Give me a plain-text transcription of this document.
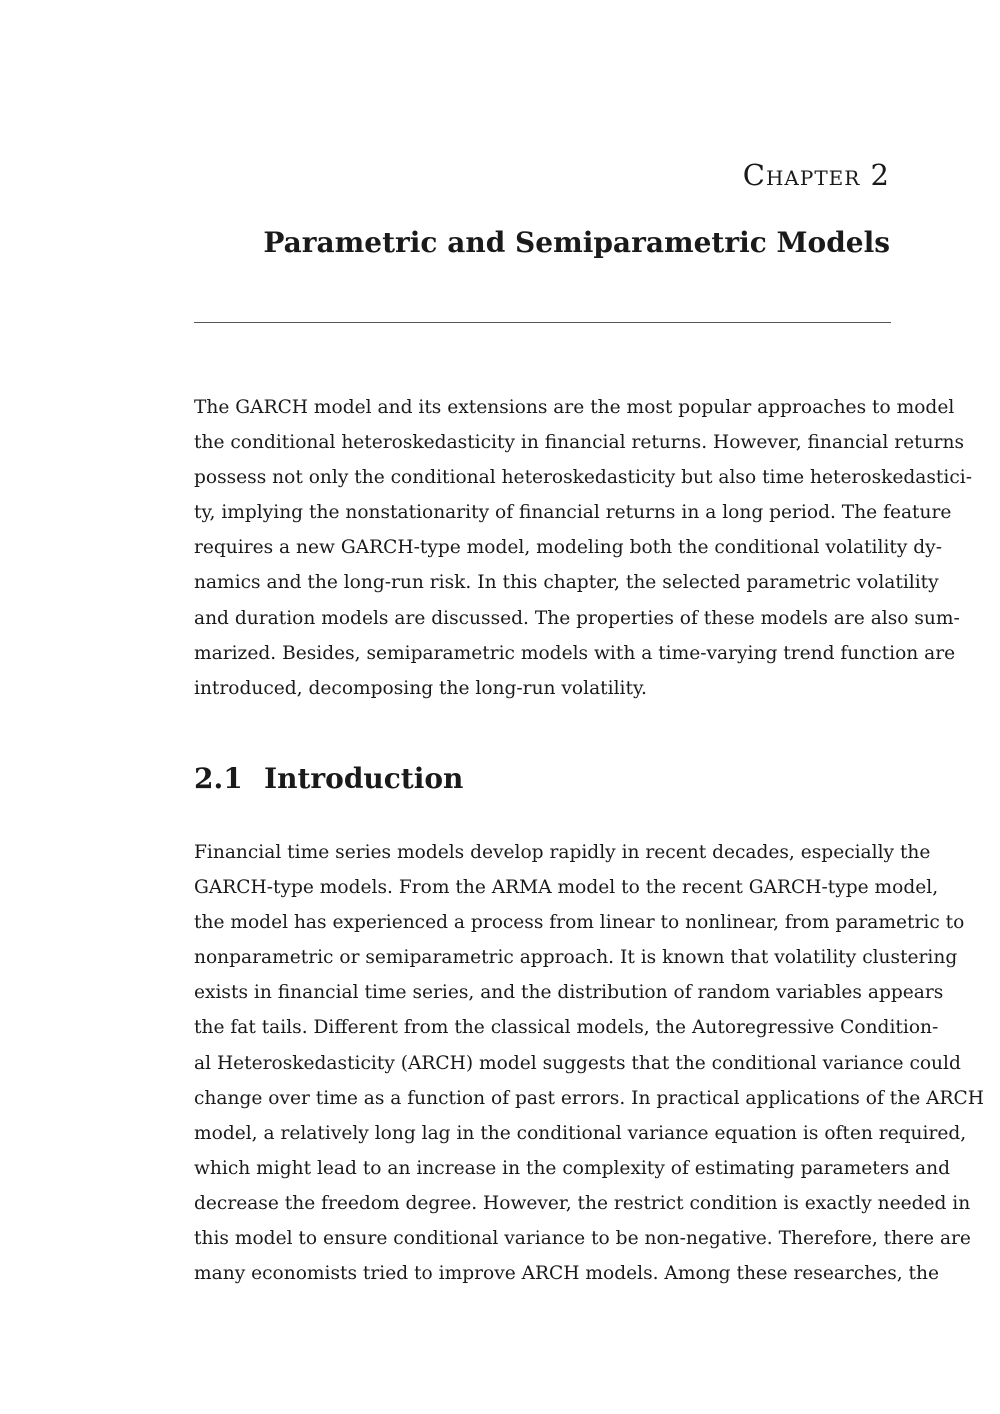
Chapter 2
Parametric and Semiparametric Models
The GARCH model and its extensions are the most popular approaches to model
the conditional heteroskedasticity in financial returns. However, financial returns
possess not only the conditional heteroskedasticity but also time heteroskedastici-
ty, implying the nonstationarity of financial returns in a long period. The feature
requires a new GARCH-type model, modeling both the conditional volatility dy-
namics and the long-run risk. In this chapter, the selected parametric volatility
and duration models are discussed. The properties of these models are also sum-
marized. Besides, semiparametric models with a time-varying trend function are
introduced, decomposing the long-run volatility.
2.1 Introduction
Financial time series models develop rapidly in recent decades, especially the
GARCH-type models. From the ARMA model to the recent GARCH-type model,
the model has experienced a process from linear to nonlinear, from parametric to
nonparametric or semiparametric approach. It is known that volatility clustering
exists in financial time series, and the distribution of random variables appears
the fat tails. Different from the classical models, the Autoregressive Condition-
al Heteroskedasticity (ARCH) model suggests that the conditional variance could
change over time as a function of past errors. In practical applications of the ARCH
model, a relatively long lag in the conditional variance equation is often required,
which might lead to an increase in the complexity of estimating parameters and
decrease the freedom degree. However, the restrict condition is exactly needed in
this model to ensure conditional variance to be non-negative. Therefore, there are
many economists tried to improve ARCH models. Among these researches, the
